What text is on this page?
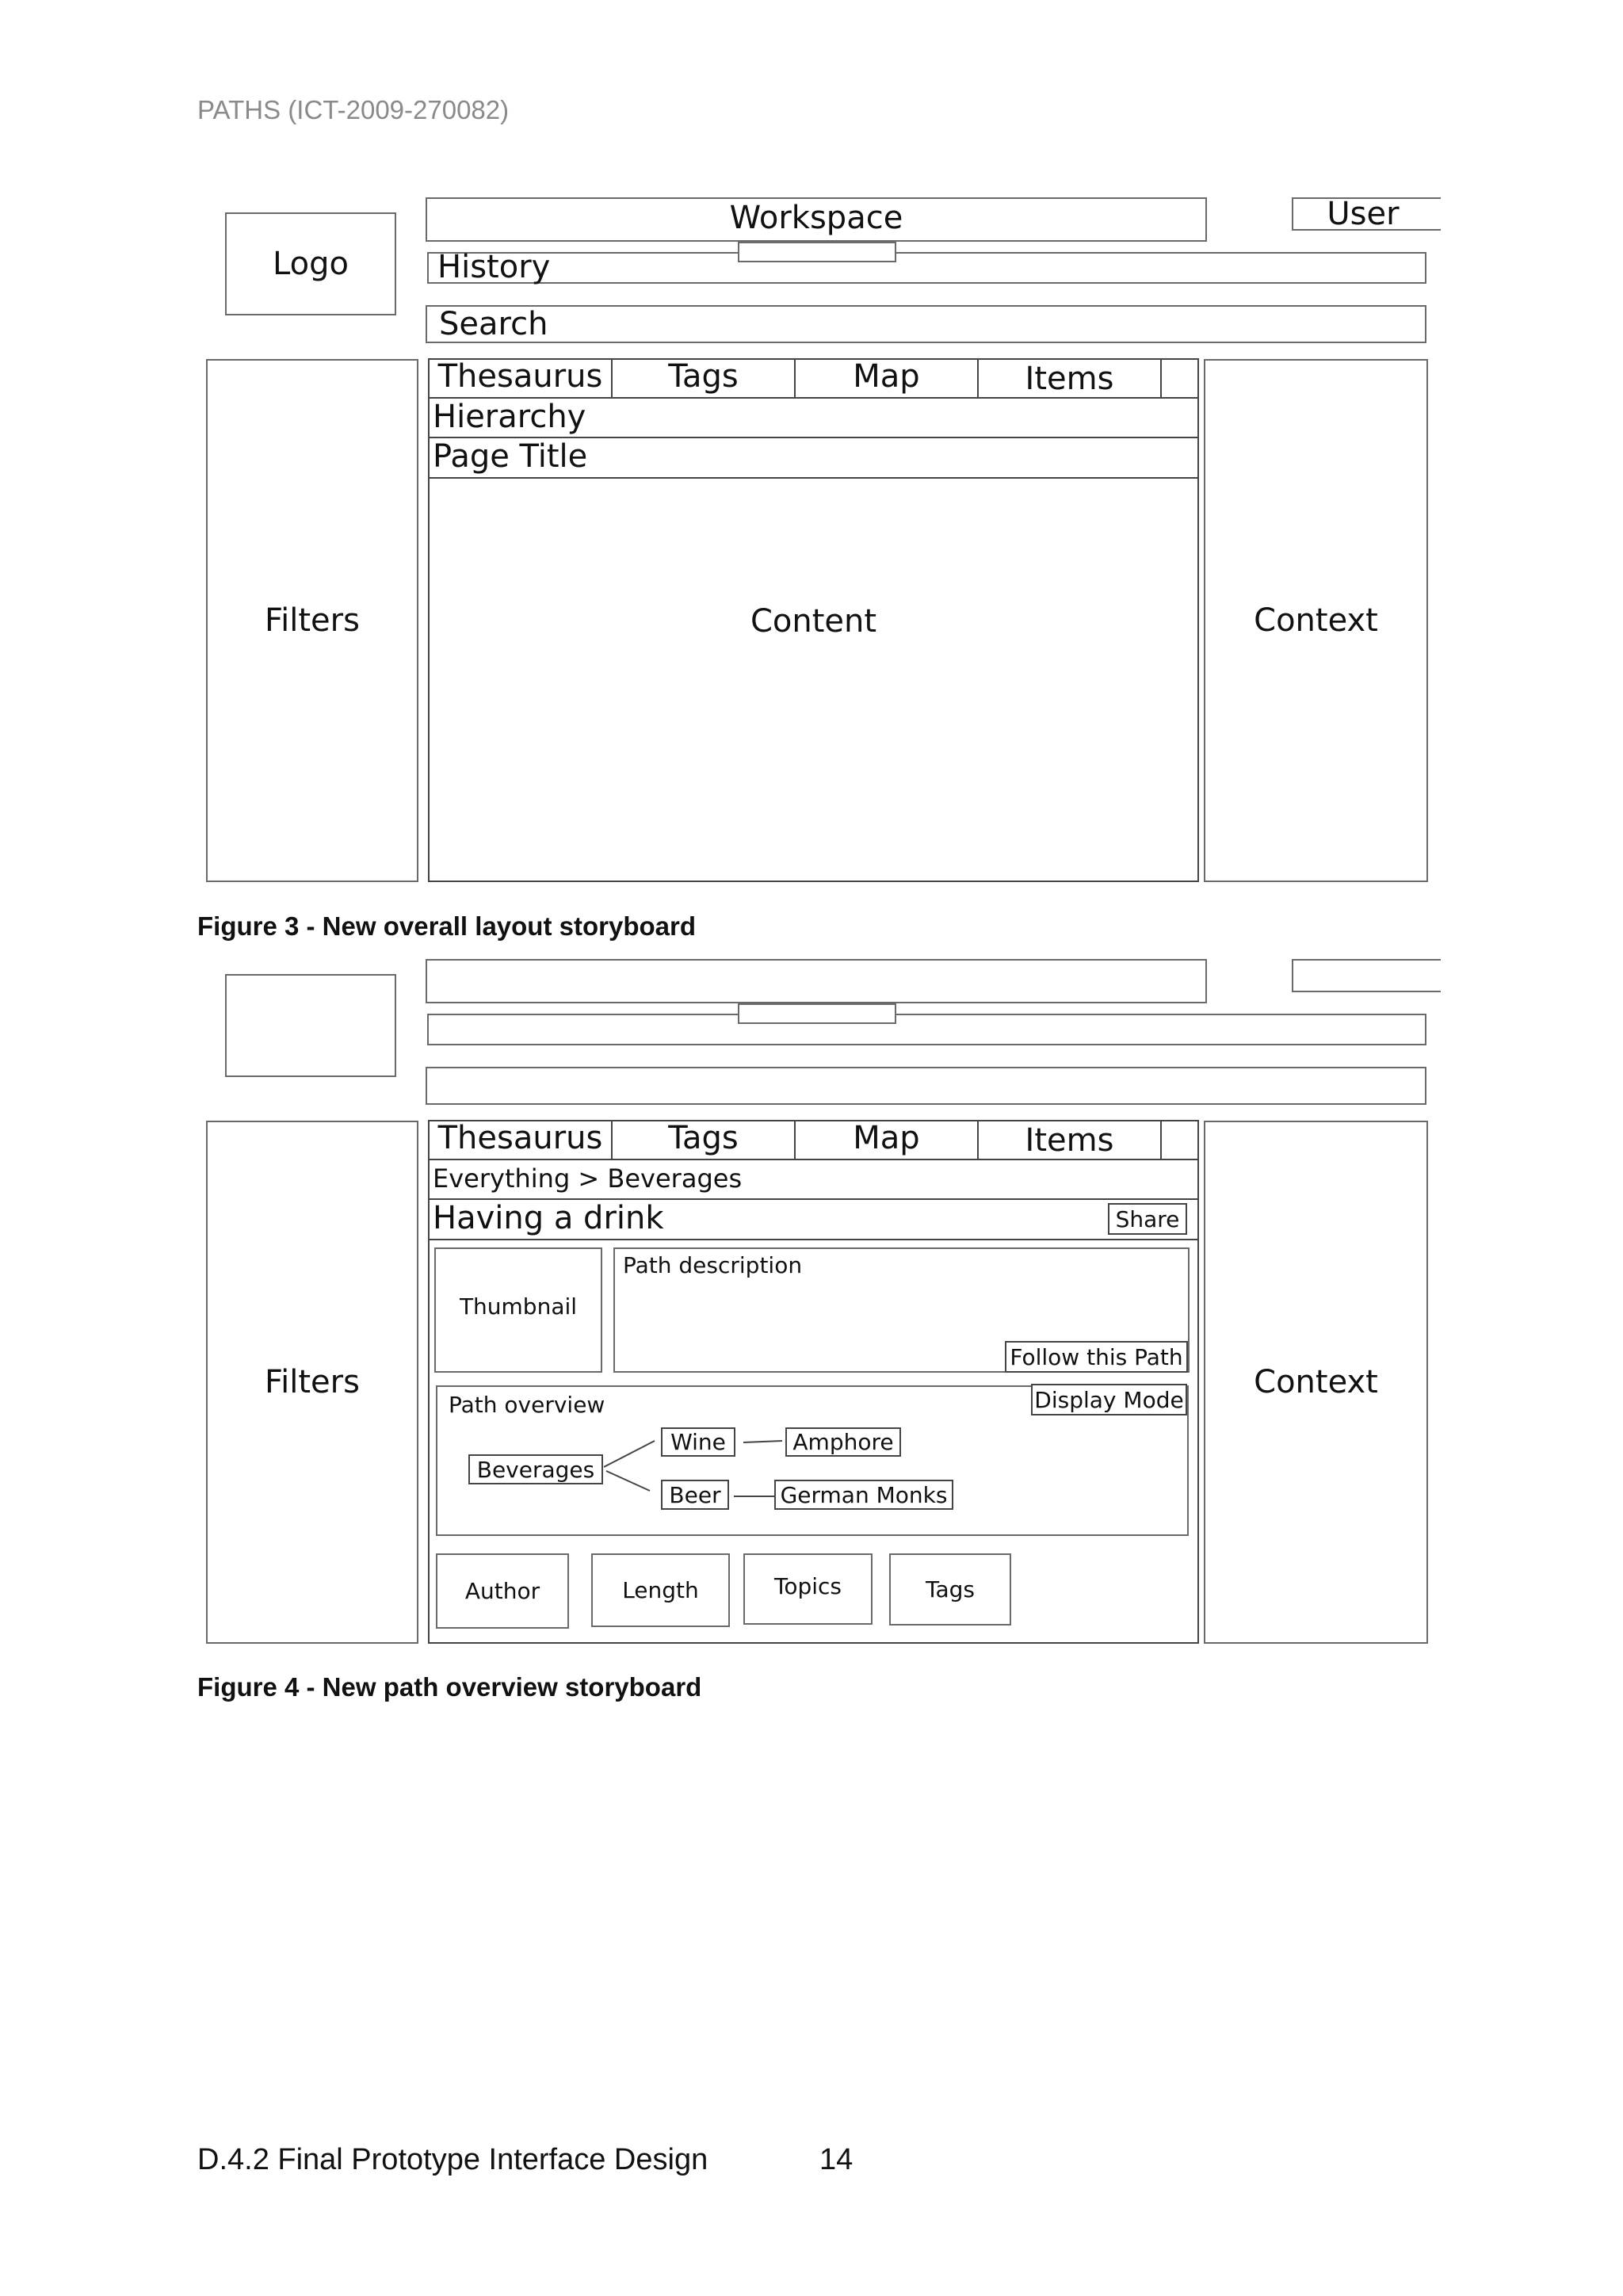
PATHS (ICT-2009-270082)
Logo
Workspace	User
History
Search
Filters
Thesaurus	Tags	Map	Items
Hierarchy
Page Title
Content	Context
Figure 3 - New overall layout storyboard
Filters
Thesaurus	Tags	Map	Items
Everything > Beverages
Having a drink	Share
Thumbnail
Path description
Follow this Path
Path overview	Display Mode
Beverages
Wine	Amphore
Beer	German Monks
Author	Length	Topics	Tags
Context
Figure 4 - New path overview storyboard
D.4.2 Final Prototype Interface Design	14
